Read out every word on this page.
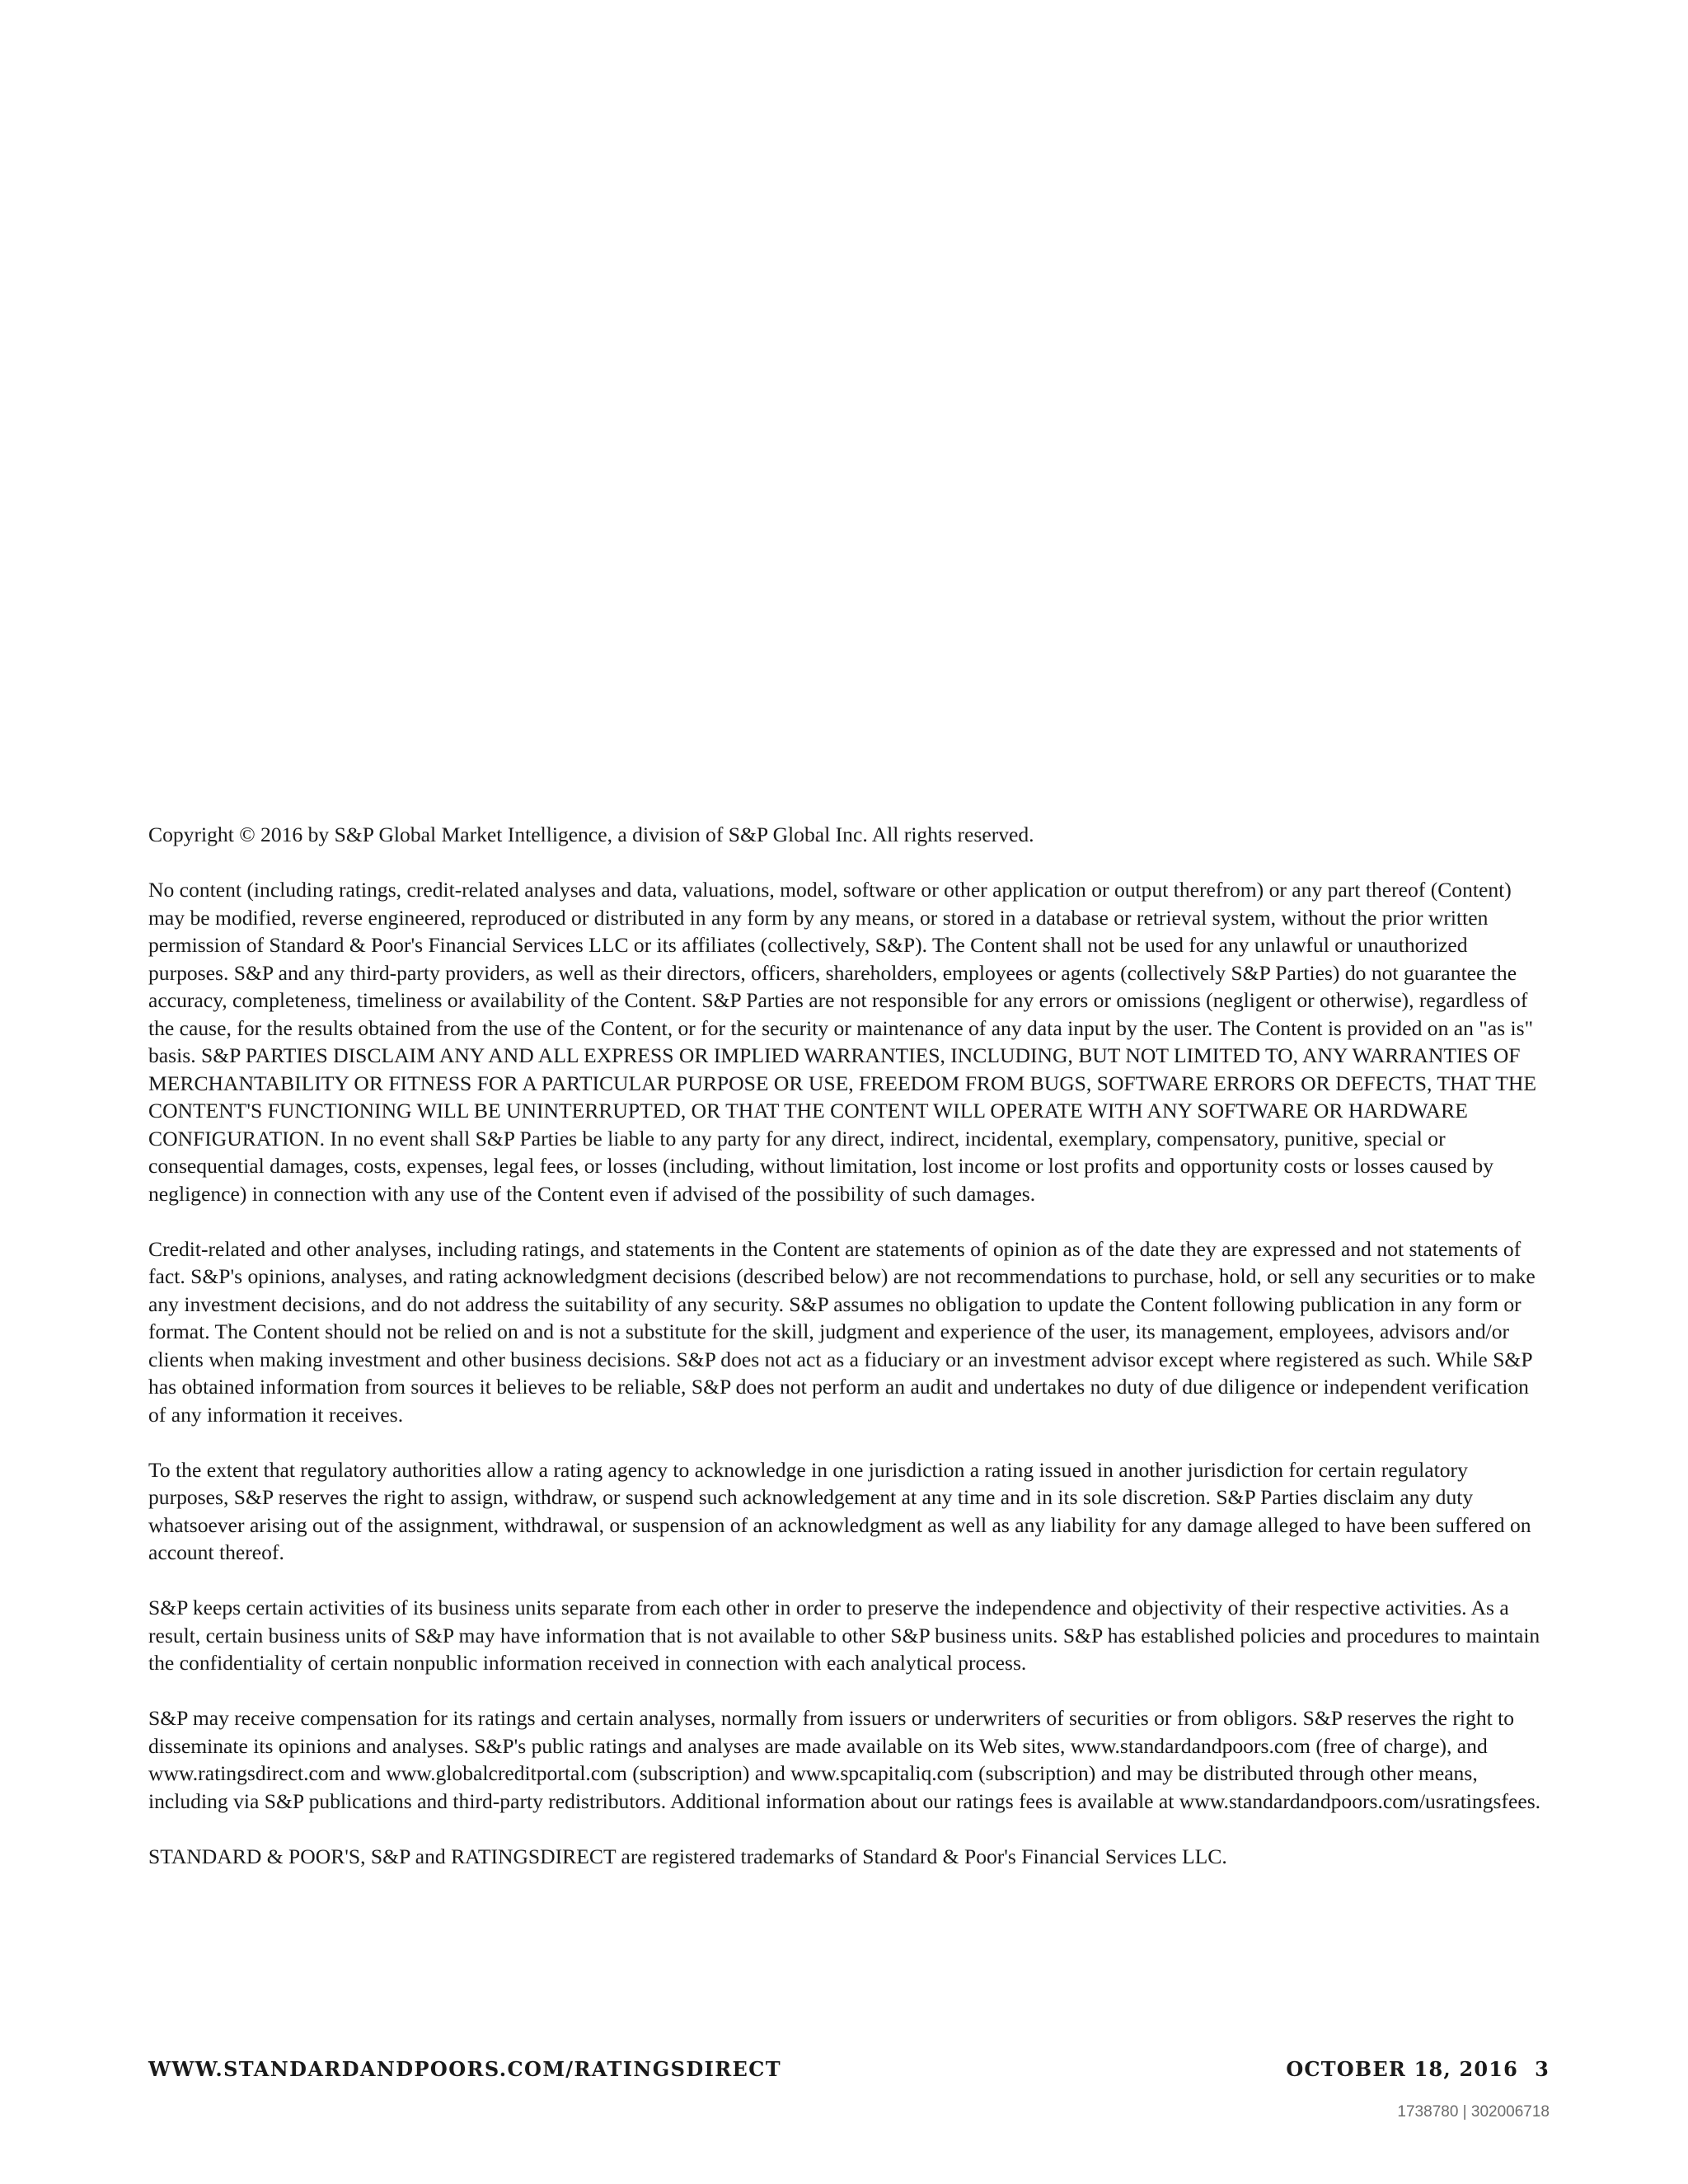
Copyright © 2016 by S&P Global Market Intelligence, a division of S&P Global Inc. All rights reserved.

No content (including ratings, credit-related analyses and data, valuations, model, software or other application or output therefrom) or any part thereof (Content) may be modified, reverse engineered, reproduced or distributed in any form by any means, or stored in a database or retrieval system, without the prior written permission of Standard & Poor's Financial Services LLC or its affiliates (collectively, S&P). The Content shall not be used for any unlawful or unauthorized purposes. S&P and any third-party providers, as well as their directors, officers, shareholders, employees or agents (collectively S&P Parties) do not guarantee the accuracy, completeness, timeliness or availability of the Content. S&P Parties are not responsible for any errors or omissions (negligent or otherwise), regardless of the cause, for the results obtained from the use of the Content, or for the security or maintenance of any data input by the user. The Content is provided on an "as is" basis. S&P PARTIES DISCLAIM ANY AND ALL EXPRESS OR IMPLIED WARRANTIES, INCLUDING, BUT NOT LIMITED TO, ANY WARRANTIES OF MERCHANTABILITY OR FITNESS FOR A PARTICULAR PURPOSE OR USE, FREEDOM FROM BUGS, SOFTWARE ERRORS OR DEFECTS, THAT THE CONTENT'S FUNCTIONING WILL BE UNINTERRUPTED, OR THAT THE CONTENT WILL OPERATE WITH ANY SOFTWARE OR HARDWARE CONFIGURATION. In no event shall S&P Parties be liable to any party for any direct, indirect, incidental, exemplary, compensatory, punitive, special or consequential damages, costs, expenses, legal fees, or losses (including, without limitation, lost income or lost profits and opportunity costs or losses caused by negligence) in connection with any use of the Content even if advised of the possibility of such damages.

Credit-related and other analyses, including ratings, and statements in the Content are statements of opinion as of the date they are expressed and not statements of fact. S&P's opinions, analyses, and rating acknowledgment decisions (described below) are not recommendations to purchase, hold, or sell any securities or to make any investment decisions, and do not address the suitability of any security. S&P assumes no obligation to update the Content following publication in any form or format. The Content should not be relied on and is not a substitute for the skill, judgment and experience of the user, its management, employees, advisors and/or clients when making investment and other business decisions. S&P does not act as a fiduciary or an investment advisor except where registered as such. While S&P has obtained information from sources it believes to be reliable, S&P does not perform an audit and undertakes no duty of due diligence or independent verification of any information it receives.

To the extent that regulatory authorities allow a rating agency to acknowledge in one jurisdiction a rating issued in another jurisdiction for certain regulatory purposes, S&P reserves the right to assign, withdraw, or suspend such acknowledgement at any time and in its sole discretion. S&P Parties disclaim any duty whatsoever arising out of the assignment, withdrawal, or suspension of an acknowledgment as well as any liability for any damage alleged to have been suffered on account thereof.

S&P keeps certain activities of its business units separate from each other in order to preserve the independence and objectivity of their respective activities. As a result, certain business units of S&P may have information that is not available to other S&P business units. S&P has established policies and procedures to maintain the confidentiality of certain nonpublic information received in connection with each analytical process.

S&P may receive compensation for its ratings and certain analyses, normally from issuers or underwriters of securities or from obligors. S&P reserves the right to disseminate its opinions and analyses. S&P's public ratings and analyses are made available on its Web sites, www.standardandpoors.com (free of charge), and www.ratingsdirect.com and www.globalcreditportal.com (subscription) and www.spcapitaliq.com (subscription) and may be distributed through other means, including via S&P publications and third-party redistributors. Additional information about our ratings fees is available at www.standardandpoors.com/usratingsfees.

STANDARD & POOR'S, S&P and RATINGSDIRECT are registered trademarks of Standard & Poor's Financial Services LLC.

WWW.STANDARDANDPOORS.COM/RATINGSDIRECT	OCTOBER 18, 2016 3
1738780 | 302006718
